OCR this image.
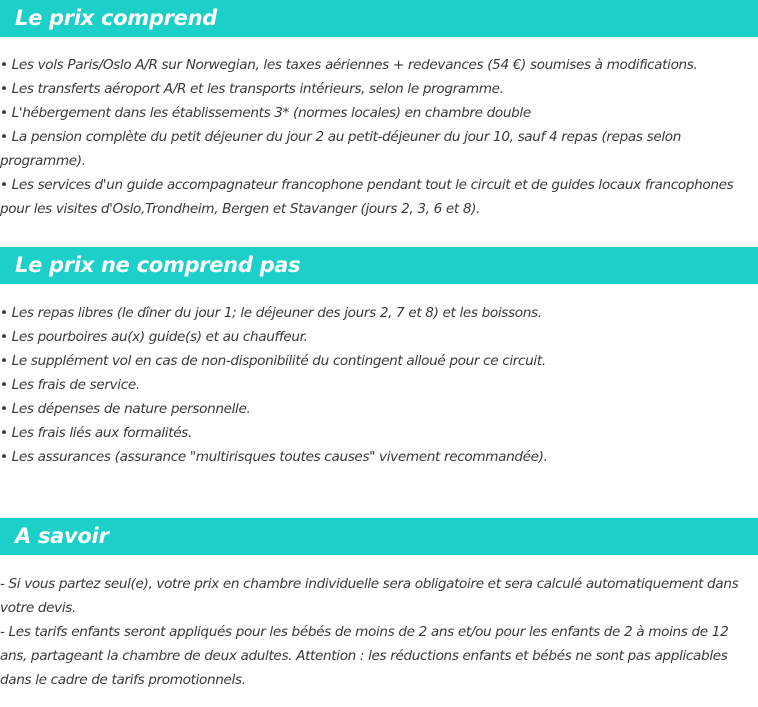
Le prix comprend

• Les vols Paris/Oslo A/R sur Norwegian, les taxes aériennes + redevances (54 €) soumises à modifications.

• Les transferts aéroport A/R et les transports intérieurs, selon le programme.

• L'hébergement dans les établissements 3* (normes locales) en chambre double

• La pension complète du petit déjeuner du jour 2 au petit-déjeuner du jour 10, sauf 4 repas (repas selon programme).

• Les services d'un guide accompagnateur francophone pendant tout le circuit et de guides locaux francophones pour les visites d'Oslo,Trondheim, Bergen et Stavanger (jours 2, 3, 6 et 8).

Le prix ne comprend pas

• Les repas libres (le dîner du jour 1; le déjeuner des jours 2, 7 et 8) et les boissons.

• Les pourboires au(x) guide(s) et au chauffeur.

• Le supplément vol en cas de non-disponibilité du contingent alloué pour ce circuit.

• Les frais de service.

• Les dépenses de nature personnelle.

• Les frais liés aux formalités.

• Les assurances (assurance "multirisques toutes causes" vivement recommandée).

A savoir

- Si vous partez seul(e), votre prix en chambre individuelle sera obligatoire et sera calculé automatiquement dans votre devis.

- Les tarifs enfants seront appliqués pour les bébés de moins de 2 ans et/ou pour les enfants de 2 à moins de 12 ans, partageant la chambre de deux adultes. Attention : les réductions enfants et bébés ne sont pas applicables dans le cadre de tarifs promotionnels.
